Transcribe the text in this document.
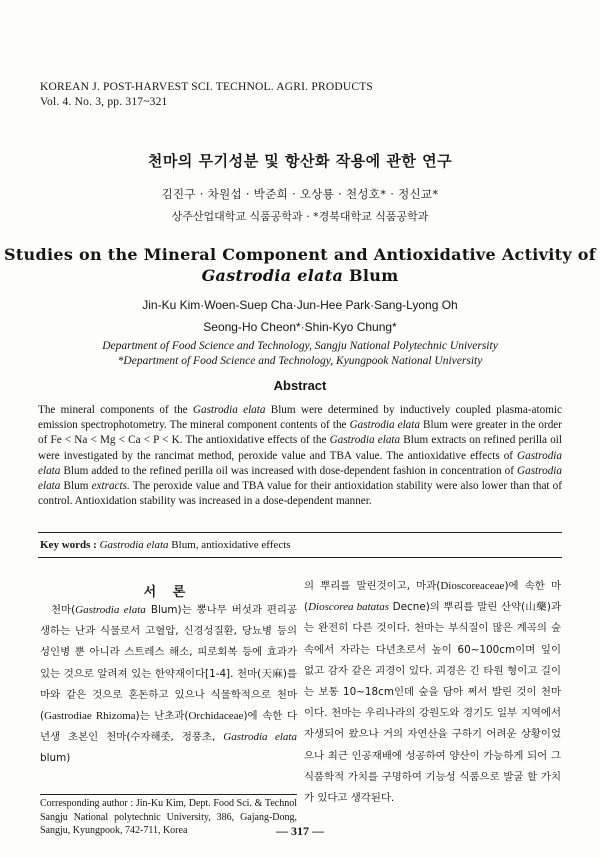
KOREAN J. POST-HARVEST SCI. TECHNOL. AGRI. PRODUCTS
Vol. 4. No. 3, pp. 317~321
천마의 무기성분 및 항산화 작용에 관한 연구
김진구 · 차원섭 · 박준희 · 오상룡 · 천성호* · 정신교*
상주산업대학교 식품공학과 · *경북대학교 식품공학과
Studies on the Mineral Component and Antioxidative Activity of
Gastrodia elata Blum
Jin-Ku Kim·Woen-Suep Cha·Jun-Hee Park·Sang-Lyong Oh
Seong-Ho Cheon*·Shin-Kyo Chung*
Department of Food Science and Technology, Sangju National Polytechnic University
*Department of Food Science and Technology, Kyungpook National University
Abstract
The mineral components of the Gastrodia elata Blum were determined by inductively coupled plasma-atomic emission spectrophotometry. The mineral component contents of the Gastrodia elata Blum were greater in the order of Fe < Na < Mg < Ca < P < K. The antioxidative effects of the Gastrodia elata Blum extracts on refined perilla oil were investigated by the rancimat method, peroxide value and TBA value. The antioxidative effects of Gastrodia elata Blum added to the refined perilla oil was increased with dose-dependent fashion in concentration of Gastrodia elata Blum extracts. The peroxide value and TBA value for their antioxidation stability were also lower than that of control. Antioxidation stability was increased in a dose-dependent manner.
Key words : Gastrodia elata Blum, antioxidative effects
서 론
천마(Gastrodia elata Blum)는 뽕나무 버섯과 편리공생하는 난과 식물로서 고혈압, 신경성질환, 당뇨병 등의 성인병 뿐 아니라 스트레스 해소, 피로회복 등에 효과가 있는 것으로 알려져 있는 한약재이다[1-4]. 천마(天麻)를 마와 같은 것으로 혼돈하고 있으나 식물학적으로 천마(Gastrodiae Rhizoma)는 난초과(Orchidaceae)에 속한 다년생 초본인 천마(수자해좃, 정풍초, Gastrodia elata blum)
의 뿌리를 말린것이고, 마과(Dioscoreaceae)에 속한 마(Dioscorea batatas Decne)의 뿌리를 말린 산약(山藥)과는 완전히 다른 것이다. 천마는 부식질이 많은 계곡의 숲속에서 자라는 다년초로서 높이 60~100cm이며 잎이 없고 감자 같은 괴경이 있다. 괴경은 긴 타원 형이고 길이는 보통 10~18cm인데 숲을 담아 쩌서 발린 것이 천마이다. 천마는 우리나라의 강원도와 경기도 일부 지역에서 자생되어 왔으나 거의 자연산을 구하기 어려운 상황이었으나 최근 인공재배에 성공하여 양산이 가능하게 되어 그 식품학적 가치를 구명하여 기능성 식품으로 발굴 할 가치가 있다고 생각된다.
Corresponding author : Jin-Ku Kim, Dept. Food Sci. & Technol Sangju National polytechnic University, 386, Gajang-Dong, Sangju, Kyungpook, 742-711, Korea	— 317 —
